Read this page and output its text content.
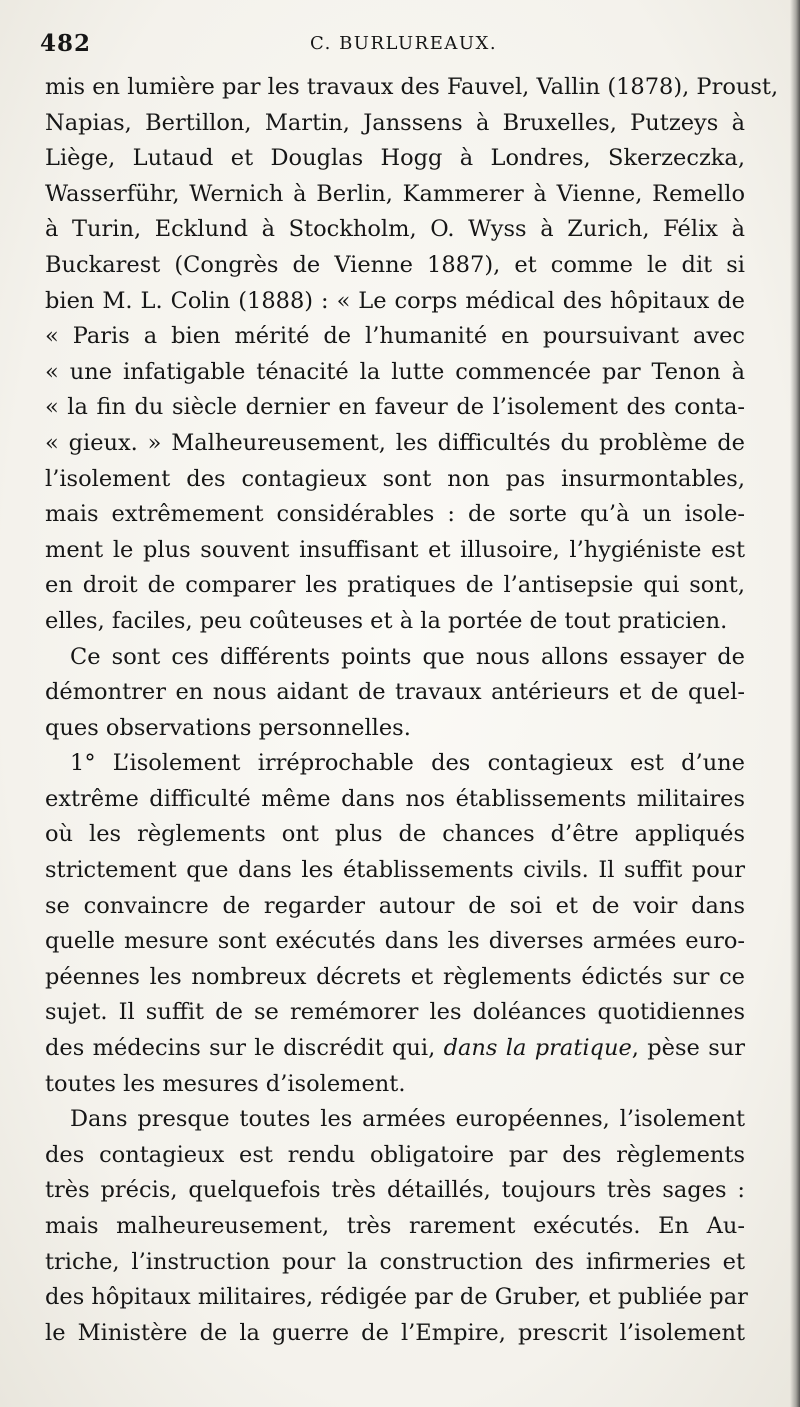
482	C. BURLUREAUX.
mis en lumière par les travaux des Fauvel, Vallin (1878), Proust,
Napias, Bertillon, Martin, Janssens à Bruxelles, Putzeys à
Liège, Lutaud et Douglas Hogg à Londres, Skerzeczka,
Wasserführ, Wernich à Berlin, Kammerer à Vienne, Remello
à Turin, Ecklund à Stockholm, O. Wyss à Zurich, Félix à
Buckarest (Congrès de Vienne 1887), et comme le dit si
bien M. L. Colin (1888) : « Le corps médical des hôpitaux de
« Paris a bien mérité de l’humanité en poursuivant avec
« une infatigable ténacité la lutte commencée par Tenon à
« la fin du siècle dernier en faveur de l’isolement des conta-
« gieux. » Malheureusement, les difficultés du problème de
l’isolement des contagieux sont non pas insurmontables,
mais extrêmement considérables : de sorte qu’à un isole-
ment le plus souvent insuffisant et illusoire, l’hygiéniste est
en droit de comparer les pratiques de l’antisepsie qui sont,
elles, faciles, peu coûteuses et à la portée de tout praticien.
Ce sont ces différents points que nous allons essayer de
démontrer en nous aidant de travaux antérieurs et de quel-
ques observations personnelles.
1° L’isolement irréprochable des contagieux est d’une
extrême difficulté même dans nos établissements militaires
où les règlements ont plus de chances d’être appliqués
strictement que dans les établissements civils. Il suffit pour
se convaincre de regarder autour de soi et de voir dans
quelle mesure sont exécutés dans les diverses armées euro-
péennes les nombreux décrets et règlements édictés sur ce
sujet. Il suffit de se remémorer les doléances quotidiennes
des médecins sur le discrédit qui, dans la pratique, pèse sur
toutes les mesures d’isolement.
Dans presque toutes les armées européennes, l’isolement
des contagieux est rendu obligatoire par des règlements
très précis, quelquefois très détaillés, toujours très sages :
mais malheureusement, très rarement exécutés. En Au-
triche, l’instruction pour la construction des infirmeries et
des hôpitaux militaires, rédigée par de Gruber, et publiée par
le Ministère de la guerre de l’Empire, prescrit l’isolement
